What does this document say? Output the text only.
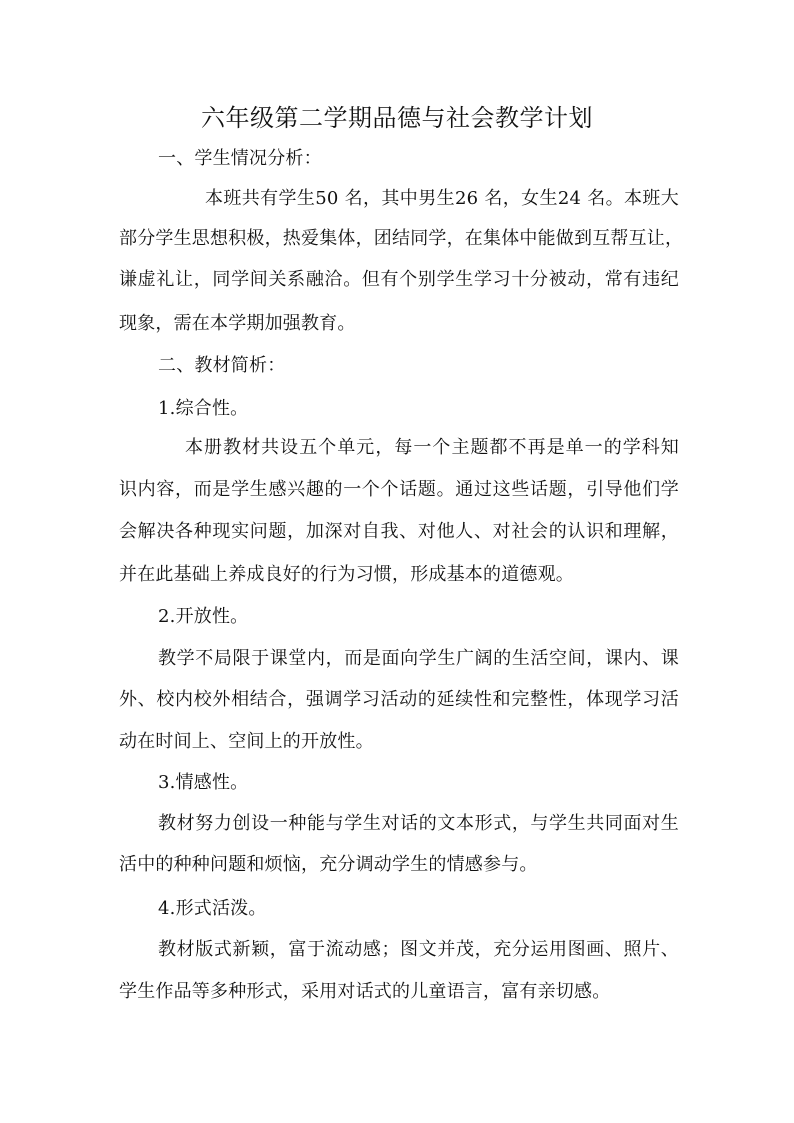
六年级第二学期品德与社会教学计划
一、学生情况分析：
本班共有学生50 名，其中男生26 名，女生24 名。本班大
部分学生思想积极，热爱集体，团结同学，在集体中能做到互帮互让，
谦虚礼让，同学间关系融洽。但有个别学生学习十分被动，常有违纪
现象，需在本学期加强教育。
二、教材简析：
1.综合性。
本册教材共设五个单元，每一个主题都不再是单一的学科知
识内容，而是学生感兴趣的一个个话题。通过这些话题，引导他们学
会解决各种现实问题，加深对自我、对他人、对社会的认识和理解，
并在此基础上养成良好的行为习惯，形成基本的道德观。
2.开放性。
教学不局限于课堂内，而是面向学生广阔的生活空间，课内、课
外、校内校外相结合，强调学习活动的延续性和完整性，体现学习活
动在时间上、空间上的开放性。
3.情感性。
教材努力创设一种能与学生对话的文本形式，与学生共同面对生
活中的种种问题和烦恼，充分调动学生的情感参与。
4.形式活泼。
教材版式新颖，富于流动感；图文并茂，充分运用图画、照片、
学生作品等多种形式，采用对话式的儿童语言，富有亲切感。
